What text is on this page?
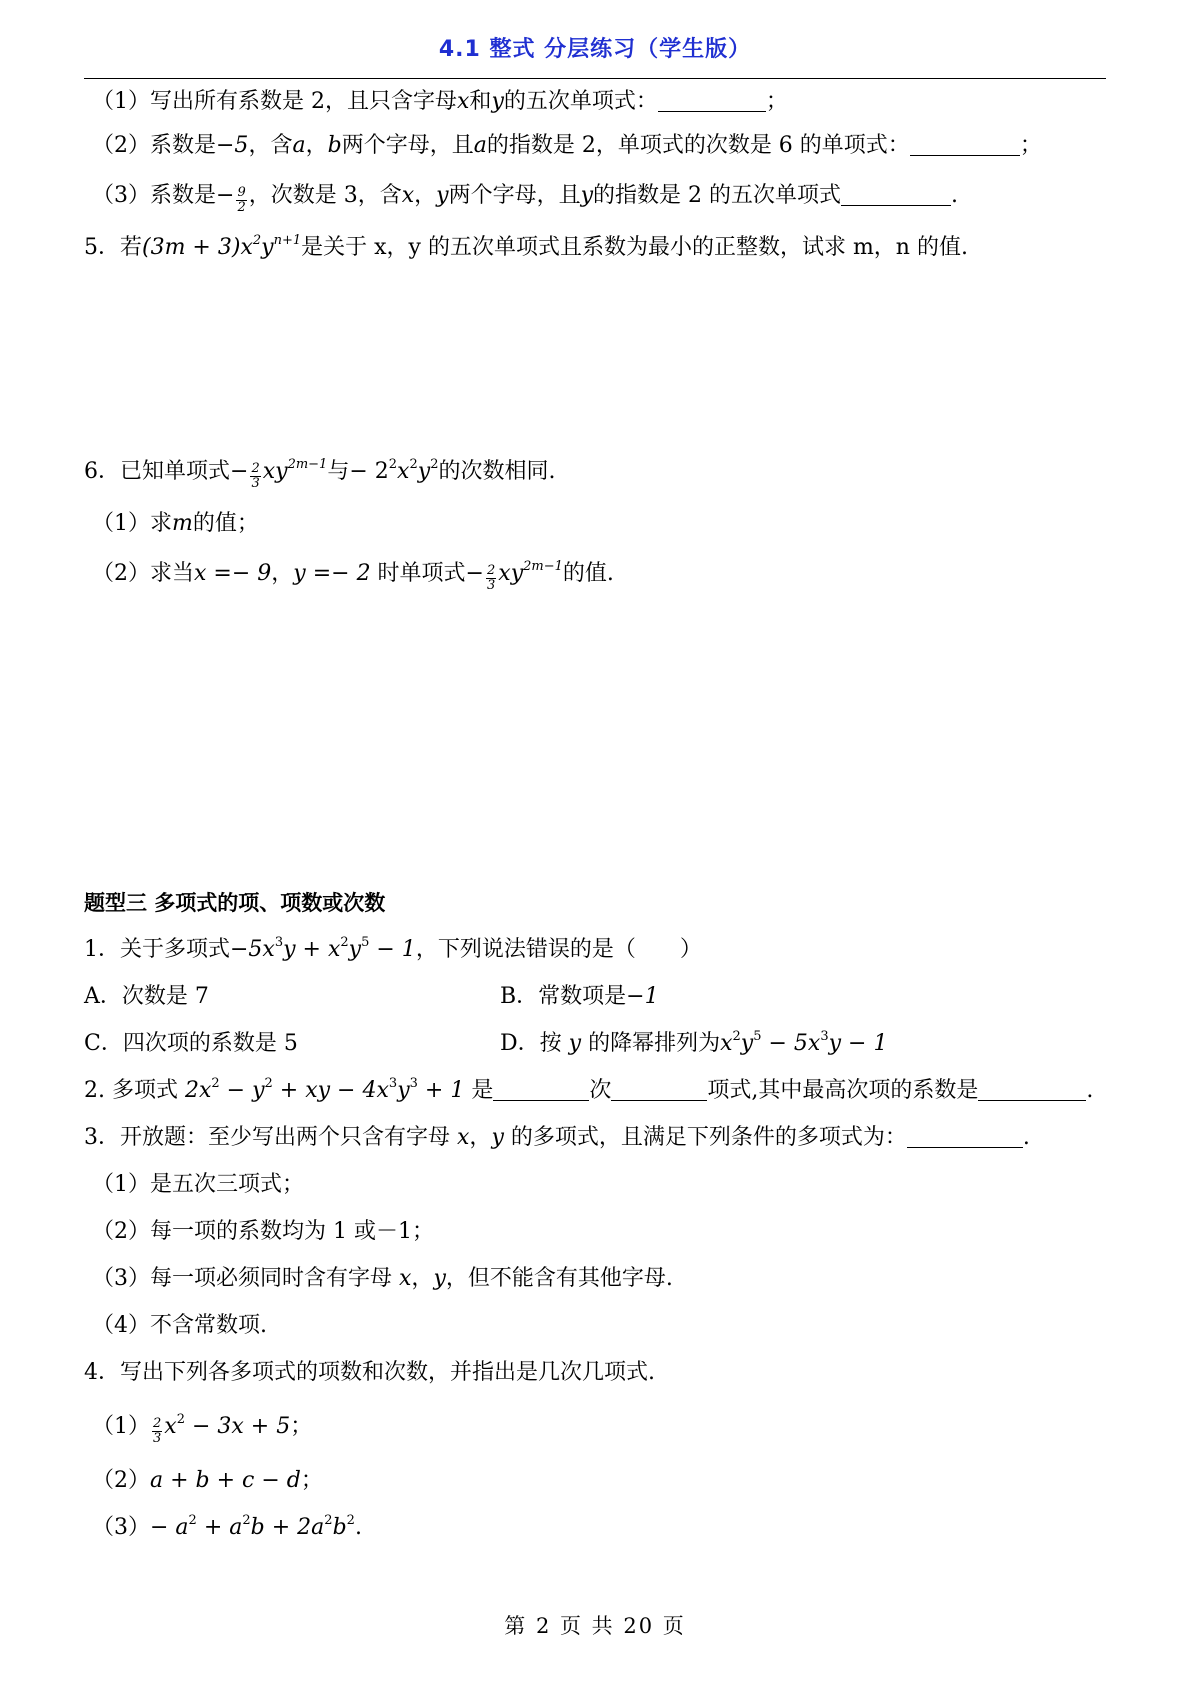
4.1 整式 分层练习（学生版）
（1）写出所有系数是 2，且只含字母x和y的五次单项式：	；
（2）系数是−5，含a，b两个字母，且a的指数是 2，单项式的次数是 6 的单项式：	；
（3）系数是− $\frac{9}{2}$ ，次数是 3，含x，y两个字母，且y的指数是 2 的五次单项式	.
5．若$(3m + 3)x^2y^{n+1}$是关于 x，y 的五次单项式且系数为最小的正整数，试求 m，n 的值.
6．已知单项式− $\frac{2}{3} xy^{2m-1}$与− $2^2x^2y^2$的次数相同.
（1）求m的值；
（2）求当x =− 9，y =− 2 时单项式− $\frac{2}{3} xy^{2m-1}$的值.
题型三 多项式的项、项数或次数
1．关于多项式$-5x^3y + x^2y^5 - 1$，下列说法错误的是（　　）
A．次数是 7	B．常数项是−1
C．四次项的系数是 5	D．按 y 的降幂排列为$x^2y^5 - 5x^3y - 1$
2. 多项式 $2x^2 - y^2$ + xy − $4x^3y^3 + 1$ 是	次	项式,其中最高次项的系数是	.
3．开放题：至少写出两个只含有字母 x，y 的多项式，且满足下列条件的多项式为：	.
（1）是五次三项式；
（2）每一项的系数均为 1 或－1；
（3）每一项必须同时含有字母 x，y，但不能含有其他字母.
（4）不含常数项.
4．写出下列各多项式的项数和次数，并指出是几次几项式.
$(1) \frac{2}{3} x^2 - 3x + 5$；
（2）a + b + c − d；
$(3)- a^2 + a^2b + 2a^2b^2$.
第 2 页 共 20 页
